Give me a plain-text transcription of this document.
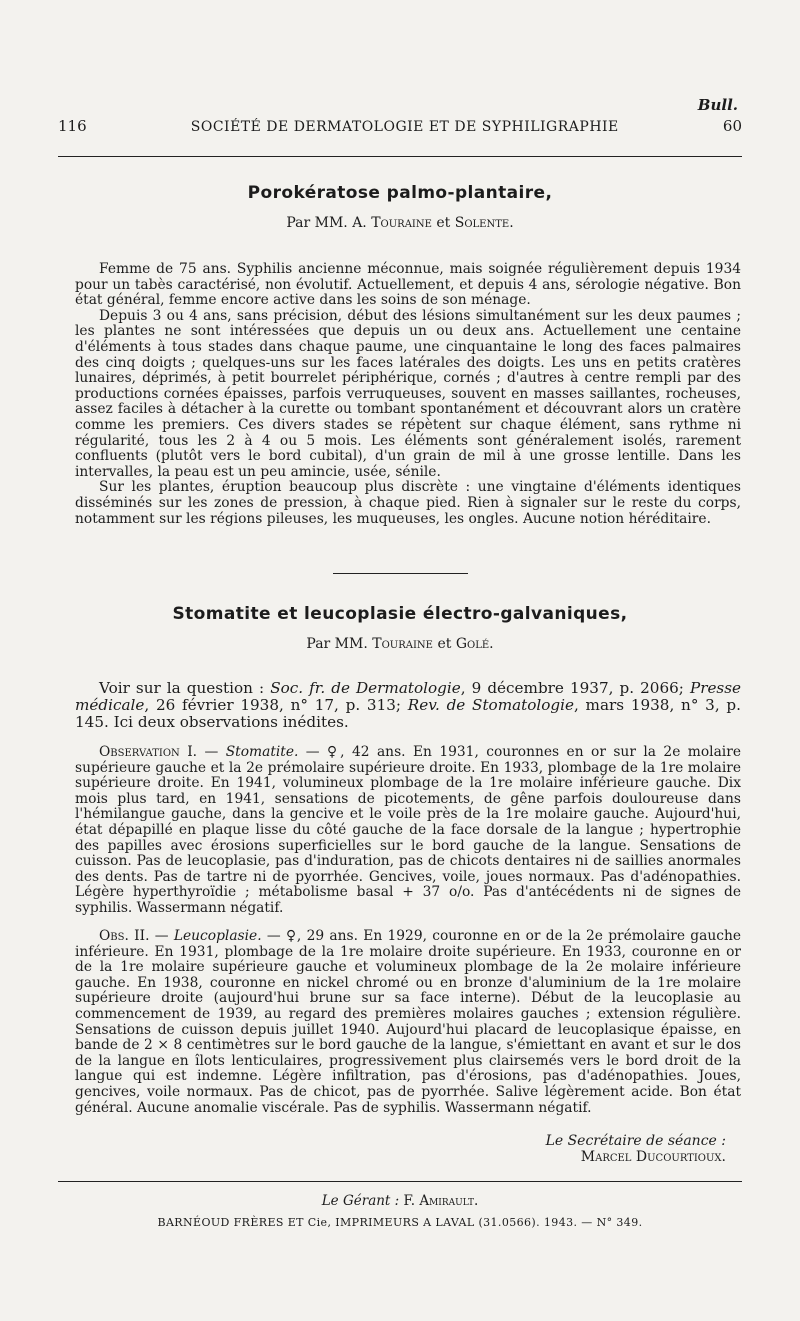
Bull.
116	SOCIÉTÉ DE DERMATOLOGIE ET DE SYPHILIGRAPHIE	60
Porokératose palmo-plantaire,
Par MM. A. Touraine et Solente.

Femme de 75 ans. Syphilis ancienne méconnue, mais soignée régulièrement depuis 1934 pour un tabès caractérisé, non évolutif. Actuellement, et depuis 4 ans, sérologie négative. Bon état général, femme encore active dans les soins de son ménage.

Depuis 3 ou 4 ans, sans précision, début des lésions simultanément sur les deux paumes ; les plantes ne sont intéressées que depuis un ou deux ans. Actuellement une centaine d'éléments à tous stades dans chaque paume, une cinquantaine le long des faces palmaires des cinq doigts ; quelques-uns sur les faces latérales des doigts. Les uns en petits cratères lunaires, déprimés, à petit bourrelet périphérique, cornés ; d'autres à centre rempli par des productions cornées épaisses, parfois verruqueuses, souvent en masses saillantes, rocheuses, assez faciles à détacher à la curette ou tombant spontanément et découvrant alors un cratère comme les premiers. Ces divers stades se répètent sur chaque élément, sans rythme ni régularité, tous les 2 à 4 ou 5 mois. Les éléments sont généralement isolés, rarement confluents (plutôt vers le bord cubital), d'un grain de mil à une grosse lentille. Dans les intervalles, la peau est un peu amincie, usée, sénile.

Sur les plantes, éruption beaucoup plus discrète : une vingtaine d'éléments identiques disséminés sur les zones de pression, à chaque pied. Rien à signaler sur le reste du corps, notamment sur les régions pileuses, les muqueuses, les ongles. Aucune notion héréditaire.

Stomatite et leucoplasie électro-galvaniques,
Par MM. Touraine et Golé.

Voir sur la question : Soc. fr. de Dermatologie, 9 décembre 1937, p. 2066; Presse médicale, 26 février 1938, n° 17, p. 313; Rev. de Stomatologie, mars 1938, n° 3, p. 145. Ici deux observations inédites.

Observation I. — Stomatite. — ♀, 42 ans. En 1931, couronnes en or sur la 2e molaire supérieure gauche et la 2e prémolaire supérieure droite. En 1933, plombage de la 1re molaire supérieure droite. En 1941, volumineux plombage de la 1re molaire inférieure gauche. Dix mois plus tard, en 1941, sensations de picotements, de gêne parfois douloureuse dans l'hémilangue gauche, dans la gencive et le voile près de la 1re molaire gauche. Aujourd'hui, état dépapillé en plaque lisse du côté gauche de la face dorsale de la langue ; hypertrophie des papilles avec érosions superficielles sur le bord gauche de la langue. Sensations de cuisson. Pas de leucoplasie, pas d'induration, pas de chicots dentaires ni de saillies anormales des dents. Pas de tartre ni de pyorrhée. Gencives, voile, joues normaux. Pas d'adénopathies. Légère hyperthyroïdie ; métabolisme basal + 37 o/o. Pas d'antécédents ni de signes de syphilis. Wassermann négatif.

Obs. II. — Leucoplasie. — ♀, 29 ans. En 1929, couronne en or de la 2e prémolaire gauche inférieure. En 1931, plombage de la 1re molaire droite supérieure. En 1933, couronne en or de la 1re molaire supérieure gauche et volumineux plombage de la 2e molaire inférieure gauche. En 1938, couronne en nickel chromé ou en bronze d'aluminium de la 1re molaire supérieure droite (aujourd'hui brune sur sa face interne). Début de la leucoplasie au commencement de 1939, au regard des premières molaires gauches ; extension régulière. Sensations de cuisson depuis juillet 1940. Aujourd'hui placard de leucoplasique épaisse, en bande de 2 × 8 centimètres sur le bord gauche de la langue, s'émiettant en avant et sur le dos de la langue en îlots lenticulaires, progressivement plus clairsemés vers le bord droit de la langue qui est indemne. Légère infiltration, pas d'érosions, pas d'adénopathies. Joues, gencives, voile normaux. Pas de chicot, pas de pyorrhée. Salive légèrement acide. Bon état général. Aucune anomalie viscérale. Pas de syphilis. Wassermann négatif.

Le Secrétaire de séance :
Marcel Ducourtioux.
Le Gérant : F. Amirault.
BARNÉOUD FRÈRES ET Cie, IMPRIMEURS A LAVAL (31.0566). 1943. — N° 349.
